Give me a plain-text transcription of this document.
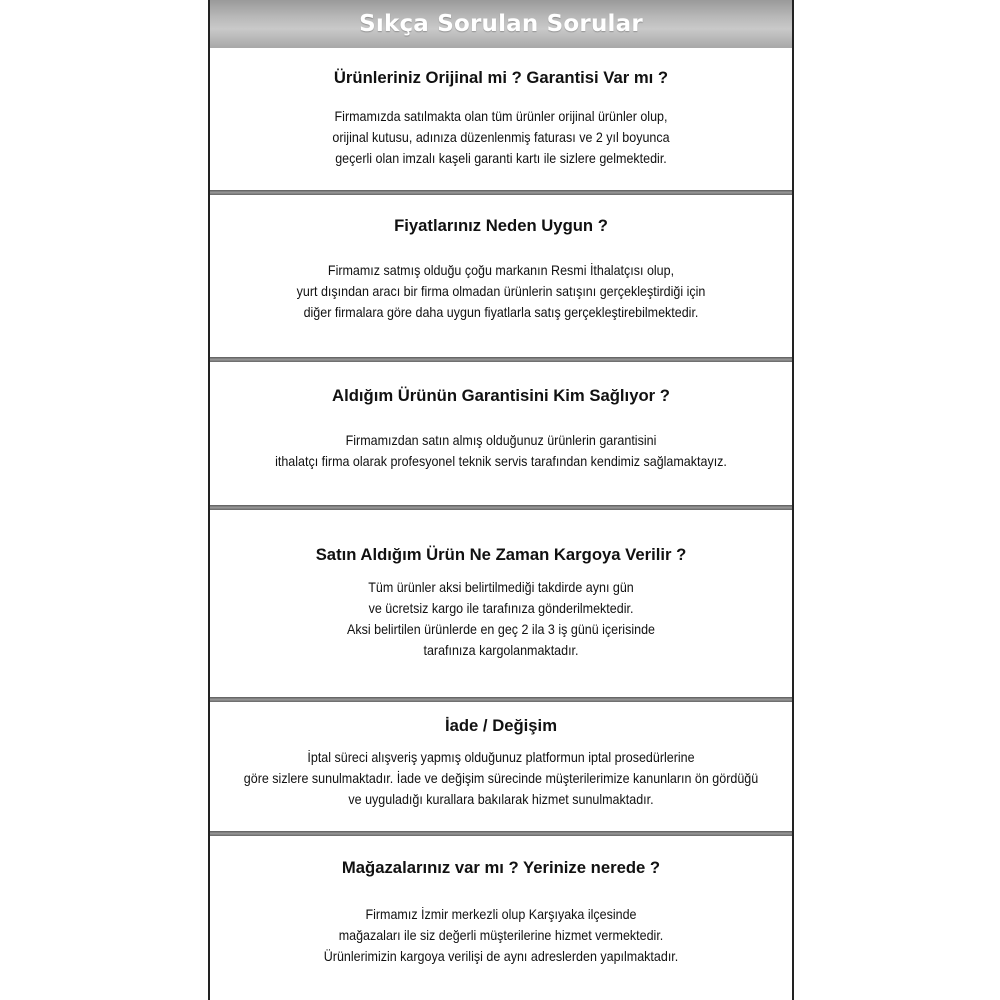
Sıkça Sorulan Sorular

Ürünleriniz Orijinal mi ? Garantisi Var mı ?

Firmamızda satılmakta olan tüm ürünler orijinal ürünler olup,
orijinal kutusu, adınıza düzenlenmiş faturası ve 2 yıl boyunca
geçerli olan imzalı kaşeli garanti kartı ile sizlere gelmektedir.

Fiyatlarınız Neden Uygun ?

Firmamız satmış olduğu çoğu markanın Resmi İthalatçısı olup,
yurt dışından aracı bir firma olmadan ürünlerin satışını gerçekleştirdiği için
diğer firmalara göre daha uygun fiyatlarla satış gerçekleştirebilmektedir.

Aldığım Ürünün Garantisini Kim Sağlıyor ?

Firmamızdan satın almış olduğunuz ürünlerin garantisini
ithalatçı firma olarak profesyonel teknik servis tarafından kendimiz sağlamaktayız.

Satın Aldığım Ürün Ne Zaman Kargoya Verilir ?

Tüm ürünler aksi belirtilmediği takdirde aynı gün
ve ücretsiz kargo ile tarafınıza gönderilmektedir.
Aksi belirtilen ürünlerde en geç 2 ila 3 iş günü içerisinde
tarafınıza kargolanmaktadır.

İade / Değişim

İptal süreci alışveriş yapmış olduğunuz platformun iptal prosedürlerine
göre sizlere sunulmaktadır. İade ve değişim sürecinde müşterilerimize kanunların ön gördüğü
ve uyguladığı kurallara bakılarak hizmet sunulmaktadır.

Mağazalarınız var mı ? Yerinize nerede ?

Firmamız İzmir merkezli olup Karşıyaka ilçesinde
mağazaları ile siz değerli müşterilerine hizmet vermektedir.
Ürünlerimizin kargoya verilişi de aynı adreslerden yapılmaktadır.
